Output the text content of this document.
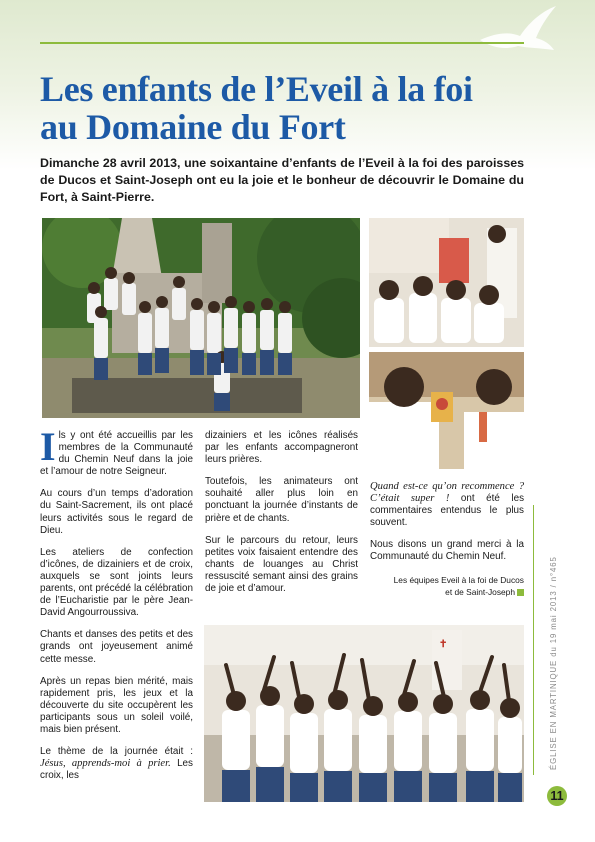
Les enfants de l’Eveil à la foi
au Domaine du Fort

Dimanche 28 avril 2013, une soixantaine d’enfants de l’Eveil à la foi des paroisses de Ducos et Saint-Joseph ont eu la joie et le bonheur de découvrir le Domaine du Fort, à Saint-Pierre.

✝

Ils y ont été accueillis par les membres de la Communauté du Chemin Neuf dans la joie et l’amour de notre Seigneur.

Au cours d’un temps d’adoration du Saint-Sacrement, ils ont placé leurs activités sous le regard de Dieu.

Les ateliers de confection d’icônes, de dizainiers et de croix, auxquels se sont joints leurs parents, ont précédé la célébration de l’Eucharistie par le père Jean-David Angourroussiva.

Chants et danses des petits et des grands ont joyeusement animé cette messe.

Après un repas bien mérité, mais rapidement pris, les jeux et la découverte du site occupèrent les participants sous un soleil voilé, mais bien présent.

Le thème de la journée était : Jésus, apprends-moi à prier. Les croix, les

dizainiers et les icônes réalisés par les enfants accompagneront leurs prières.

Toutefois, les animateurs ont souhaité aller plus loin en ponctuant la journée d’instants de prière et de chants.

Sur le parcours du retour, leurs petites voix faisaient entendre des chants de louanges au Christ ressuscité semant ainsi des grains de joie et d’amour.

Quand est-ce qu’on recommence ? C’était super ! ont été les commentaires entendus le plus souvent.

Nous disons un grand merci à la Communauté du Chemin Neuf.

Les équipes Eveil à la foi de Ducos
et de Saint-Joseph	ÉGLISE EN MARTINIQUE du 19 mai 2013 / n°465
11
